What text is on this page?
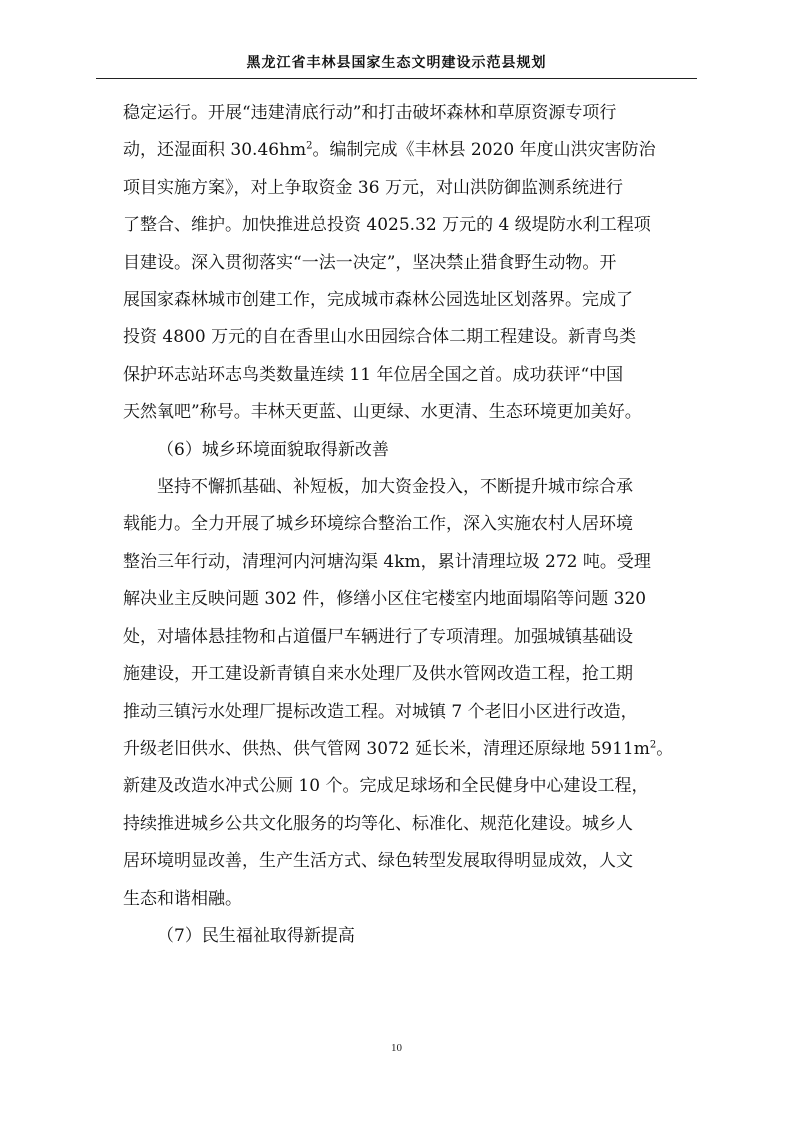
黑龙江省丰林县国家生态文明建设示范县规划

稳定运行。开展“违建清底行动”和打击破坏森林和草原资源专项行
动，还湿面积 $30.46hm^2$。编制完成《丰林县 2020 年度山洪灾害防治
项目实施方案》，对上争取资金 36 万元，对山洪防御监测系统进行
了整合、维护。加快推进总投资 4025.32 万元的 4 级堤防水利工程项
目建设。深入贯彻落实“一法一决定”，坚决禁止猎食野生动物。开
展国家森林城市创建工作，完成城市森林公园选址区划落界。完成了
投资 4800 万元的自在香里山水田园综合体二期工程建设。新青鸟类
保护环志站环志鸟类数量连续 11 年位居全国之首。成功获评“中国
天然氧吧”称号。丰林天更蓝、山更绿、水更清、生态环境更加美好。

（6）城乡环境面貌取得新改善

坚持不懈抓基础、补短板，加大资金投入，不断提升城市综合承

载能力。全力开展了城乡环境综合整治工作，深入实施农村人居环境
整治三年行动，清理河内河塘沟渠 4km，累计清理垃圾 272 吨。受理
解决业主反映问题 302 件，修缮小区住宅楼室内地面塌陷等问题 320
处，对墙体悬挂物和占道僵尸车辆进行了专项清理。加强城镇基础设
施建设，开工建设新青镇自来水处理厂及供水管网改造工程，抢工期
推动三镇污水处理厂提标改造工程。对城镇 7 个老旧小区进行改造，
升级老旧供水、供热、供气管网 3072 延长米，清理还原绿地 $5911m^2$。
新建及改造水冲式公厕 10 个。完成足球场和全民健身中心建设工程，
持续推进城乡公共文化服务的均等化、标准化、规范化建设。城乡人
居环境明显改善，生产生活方式、绿色转型发展取得明显成效，人文
生态和谐相融。

（7）民生福祉取得新提高

10
